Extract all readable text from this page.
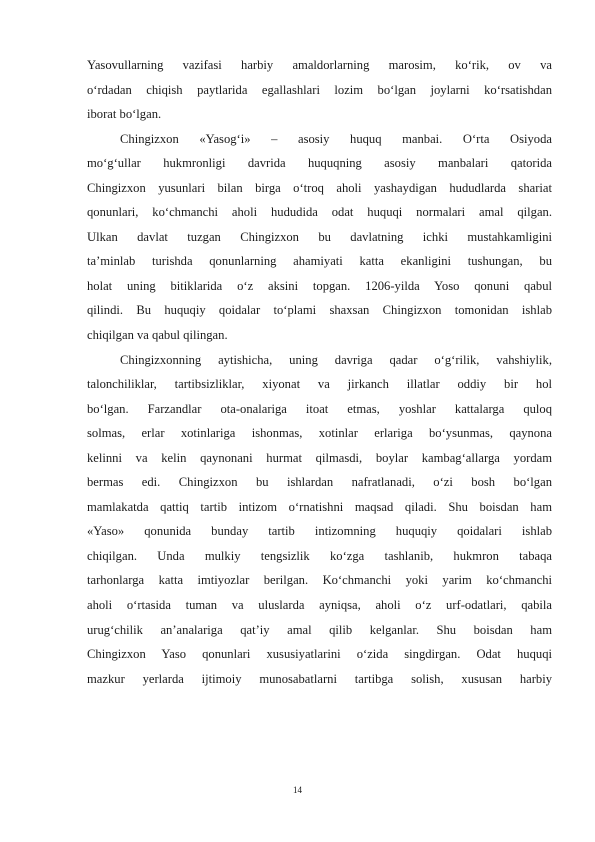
Yasovullarning vazifasi harbiy amaldorlarning marosim, ko‘rik, ov va
o‘rdadan chiqish paytlarida egallashlari lozim bo‘lgan joylarni ko‘rsatishdan
iborat bo‘lgan.

Chingizxon «Yasog‘i» – asosiy huquq manbai. O‘rta Osiyoda
mo‘g‘ullar hukmronligi davrida huquqning asosiy manbalari qatorida
Chingizxon yusunlari bilan birga o‘troq aholi yashaydigan hududlarda shariat
qonunlari, ko‘chmanchi aholi hududida odat huquqi normalari amal qilgan.
Ulkan davlat tuzgan Chingizxon bu davlatning ichki mustahkamligini
ta’minlab turishda qonunlarning ahamiyati katta ekanligini tushungan, bu
holat uning bitiklarida o‘z aksini topgan. 1206-yilda Yoso qonuni qabul
qilindi. Bu huquqiy qoidalar to‘plami shaxsan Chingizxon tomonidan ishlab
chiqilgan va qabul qilingan.

Chingizxonning aytishicha, uning davriga qadar o‘g‘rilik, vahshiylik,
talonchiliklar, tartibsizliklar, xiyonat va jirkanch illatlar oddiy bir hol
bo‘lgan. Farzandlar ota-onalariga itoat etmas, yoshlar kattalarga quloq
solmas, erlar xotinlariga ishonmas, xotinlar erlariga bo‘ysunmas, qaynona
kelinni va kelin qaynonani hurmat qilmasdi, boylar kambag‘allarga yordam
bermas edi. Chingizxon bu ishlardan nafratlanadi, o‘zi bosh bo‘lgan
mamlakatda qattiq tartib intizom o‘rnatishni maqsad qiladi. Shu boisdan ham
«Yaso» qonunida bunday tartib intizomning huquqiy qoidalari ishlab
chiqilgan. Unda mulkiy tengsizlik ko‘zga tashlanib, hukmron tabaqa
tarhonlarga katta imtiyozlar berilgan. Ko‘chmanchi yoki yarim ko‘chmanchi
aholi o‘rtasida tuman va uluslarda ayniqsa, aholi o‘z urf-odatlari, qabila
urug‘chilik an’analariga qat’iy amal qilib kelganlar. Shu boisdan ham
Chingizxon Yaso qonunlari xususiyatlarini o‘zida singdirgan. Odat huquqi
mazkur yerlarda ijtimoiy munosabatlarni tartibga solish, xususan harbiy

14
